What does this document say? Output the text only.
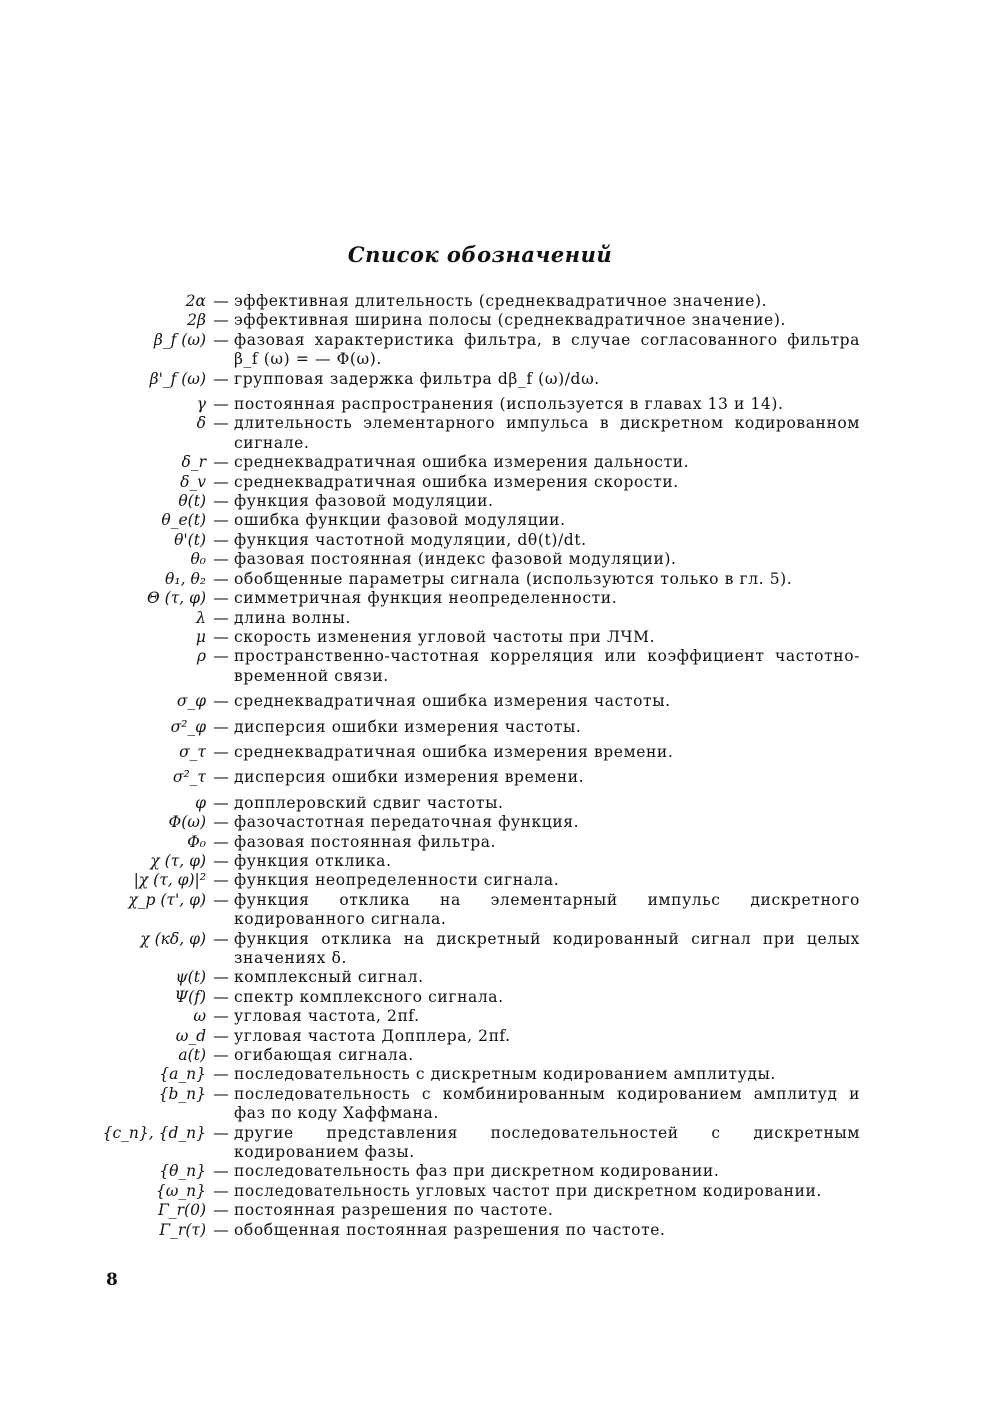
Список обозначений
2α — эффективная длительность (среднеквадратичное значение).
2β — эффективная ширина полосы (среднеквадратичное значение).
β_f (ω) — фазовая характеристика фильтра, в случае согласованного фильтра β_f (ω) = — Φ(ω).
β'_f (ω) — групповая задержка фильтра dβ_f (ω)/dω.
γ — постоянная распространения (используется в главах 13 и 14).
δ — длительность элементарного импульса в дискретном кодированном сигнале.
δ_r — среднеквадратичная ошибка измерения дальности.
δ_v — среднеквадратичная ошибка измерения скорости.
θ(t) — функция фазовой модуляции.
θ_e(t) — ошибка функции фазовой модуляции.
θ'(t) — функция частотной модуляции, dθ(t)/dt.
θ₀ — фазовая постоянная (индекс фазовой модуляции).
θ₁, θ₂ — обобщенные параметры сигнала (используются только в гл. 5).
Θ (τ, φ) — симметричная функция неопределенности.
λ — длина волны.
μ — скорость изменения угловой частоты при ЛЧМ.
ρ — пространственно-частотная корреляция или коэффициент частотно-временной связи.
σ_φ — среднеквадратичная ошибка измерения частоты.
σ²_φ — дисперсия ошибки измерения частоты.
σ_τ — среднеквадратичная ошибка измерения времени.
σ²_τ — дисперсия ошибки измерения времени.
φ — допплеровский сдвиг частоты.
Φ(ω) — фазочастотная передаточная функция.
Φ₀ — фазовая постоянная фильтра.
χ (τ, φ) — функция отклика.
|χ (τ, φ)|² — функция неопределенности сигнала.
χ_p (τ', φ) — функция отклика на элементарный импульс дискретного кодированного сигнала.
χ (кδ, φ) — функция отклика на дискретный кодированный сигнал при целых значениях δ.
ψ(t) — комплексный сигнал.
Ψ(f) — спектр комплексного сигнала.
ω — угловая частота, 2πf.
ω_d — угловая частота Допплера, 2πf.
a(t) — огибающая сигнала.
{a_n} — последовательность с дискретным кодированием амплитуды.
{b_n} — последовательность с комбинированным кодированием амплитуд и фаз по коду Хаффмана.
{c_n}, {d_n} — другие представления последовательностей с дискретным кодированием фазы.
{θ_n} — последовательность фаз при дискретном кодировании.
{ω_n} — последовательность угловых частот при дискретном кодировании.
Γ_r(0) — постоянная разрешения по частоте.
Γ_r(τ) — обобщенная постоянная разрешения по частоте.
8
